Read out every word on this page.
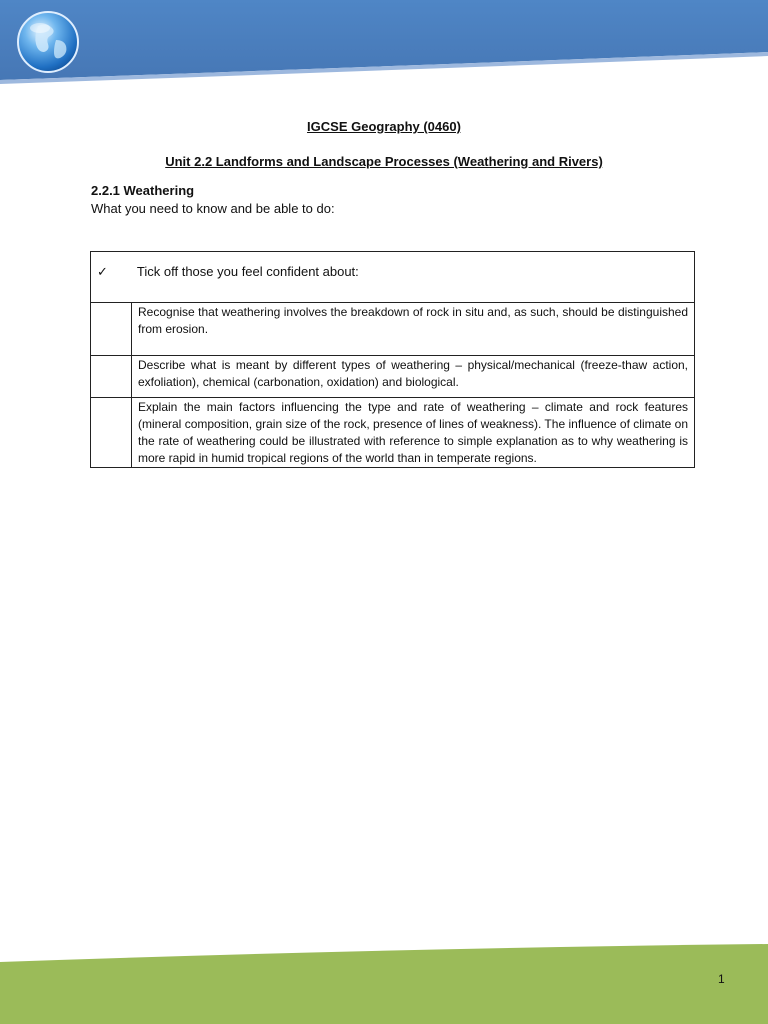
IGCSE Geography (0460)
Unit 2.2 Landforms and Landscape Processes (Weathering and Rivers)
2.2.1 Weathering
What you need to know and be able to do:
✓ Tick off those you feel confident about:	
	Recognise that weathering involves the breakdown of rock in situ and, as such, should be distinguished from erosion.
	Describe what is meant by different types of weathering – physical/mechanical (freeze-thaw action, exfoliation), chemical (carbonation, oxidation) and biological.
	Explain the main factors influencing the type and rate of weathering – climate and rock features (mineral composition, grain size of the rock, presence of lines of weakness). The influence of climate on the rate of weathering could be illustrated with reference to simple explanation as to why weathering is more rapid in humid tropical regions of the world than in temperate regions.
1
